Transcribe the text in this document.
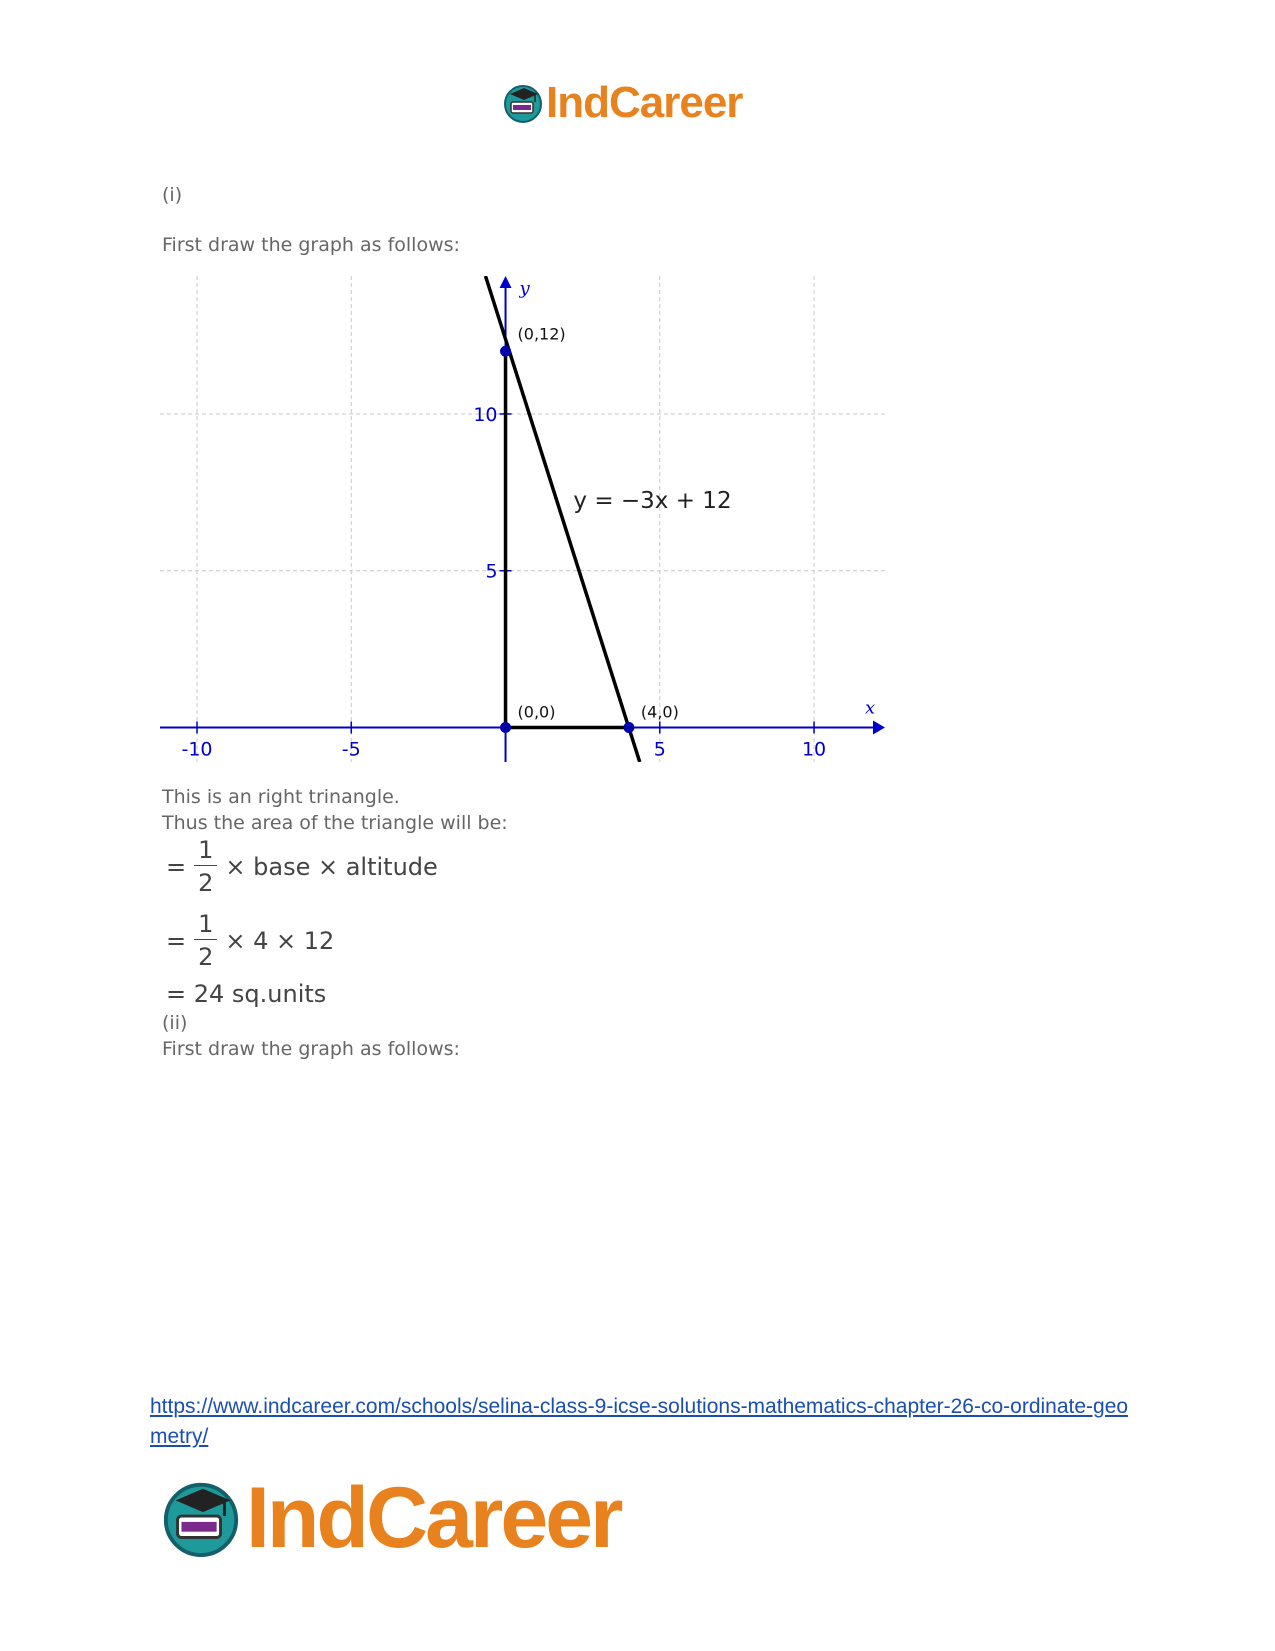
IndCareer
(i)
First draw the graph as follows:
x
y
-10	-5	5	10
5
10
y = −3x + 12
(0,12)
(0,0)	(4,0)
This is an right trinangle.
Thus the area of the triangle will be:
= $\frac{1}{2}$ × base × altitude
= $\frac{1}{2} \times 4 \times 12$
= 24 sq.units
(ii)
First draw the graph as follows:
https://www.indcareer.com/schools/selina-class-9-icse-solutions-mathematics-chapter-26-co-ordinate-geometry/
IndCareer
